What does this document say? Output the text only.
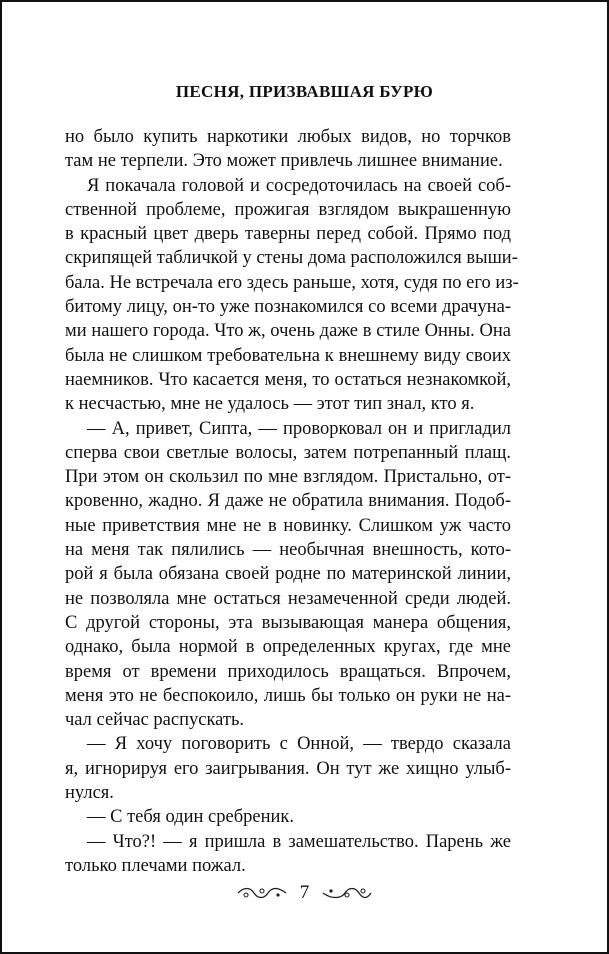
ПЕСНЯ, ПРИЗВАВШАЯ БУРЮ
но было купить наркотики любых видов, но торчков
там не терпели. Это может привлечь лишнее внимание.
Я покачала головой и сосредоточилась на своей соб-
ственной проблеме, прожигая взглядом выкрашенную
в красный цвет дверь таверны перед собой. Прямо под
скрипящей табличкой у стены дома расположился выши-
бала. Не встречала его здесь раньше, хотя, судя по его из-
битому лицу, он-то уже познакомился со всеми драчуна-
ми нашего города. Что ж, очень даже в стиле Онны. Она
была не слишком требовательна к внешнему виду своих
наемников. Что касается меня, то остаться незнакомкой,
к несчастью, мне не удалось — этот тип знал, кто я.
— А, привет, Сипта, — проворковал он и пригладил
сперва свои светлые волосы, затем потрепанный плащ.
При этом он скользил по мне взглядом. Пристально, от-
кровенно, жадно. Я даже не обратила внимания. Подоб-
ные приветствия мне не в новинку. Слишком уж часто
на меня так пялились — необычная внешность, кото-
рой я была обязана своей родне по материнской линии,
не позволяла мне остаться незамеченной среди людей.
С другой стороны, эта вызывающая манера общения,
однако, была нормой в определенных кругах, где мне
время от времени приходилось вращаться. Впрочем,
меня это не беспокоило, лишь бы только он руки не на-
чал сейчас распускать.
— Я хочу поговорить с Онной, — твердо сказала
я, игнорируя его заигрывания. Он тут же хищно улыб-
нулся.
— С тебя один сребреник.
— Что?! — я пришла в замешательство. Парень же
только плечами пожал.
7
